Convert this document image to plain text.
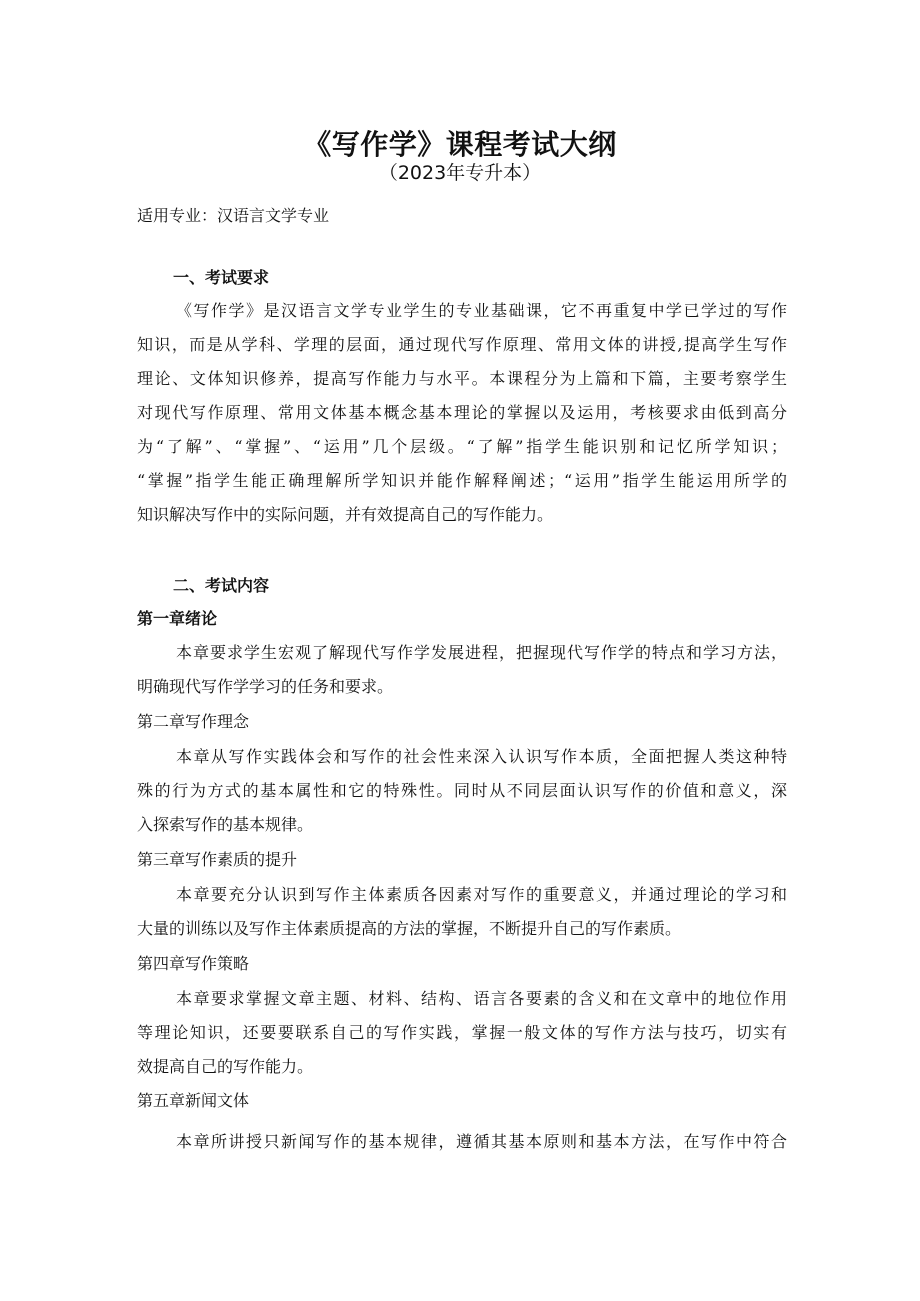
《写作学》课程考试大纲
（2023年专升本）
适用专业：汉语言文学专业
一、考试要求
《写作学》是汉语言文学专业学生的专业基础课，它不再重复中学已学过的写作
知识，而是从学科、学理的层面，通过现代写作原理、常用文体的讲授,提高学生写作
理论、文体知识修养，提高写作能力与水平。本课程分为上篇和下篇，主要考察学生
对现代写作原理、常用文体基本概念基本理论的掌握以及运用，考核要求由低到高分
为“了解”、“掌握”、“运用”几个层级。“了解”指学生能识别和记忆所学知识；
“掌握”指学生能正确理解所学知识并能作解释阐述；“运用”指学生能运用所学的
知识解决写作中的实际问题，并有效提高自己的写作能力。
二、考试内容
第一章绪论
本章要求学生宏观了解现代写作学发展进程，把握现代写作学的特点和学习方法，
明确现代写作学学习的任务和要求。
第二章写作理念
本章从写作实践体会和写作的社会性来深入认识写作本质，全面把握人类这种特
殊的行为方式的基本属性和它的特殊性。同时从不同层面认识写作的价值和意义，深
入探索写作的基本规律。
第三章写作素质的提升
本章要充分认识到写作主体素质各因素对写作的重要意义，并通过理论的学习和
大量的训练以及写作主体素质提高的方法的掌握，不断提升自己的写作素质。
第四章写作策略
本章要求掌握文章主题、材料、结构、语言各要素的含义和在文章中的地位作用
等理论知识，还要要联系自己的写作实践，掌握一般文体的写作方法与技巧，切实有
效提高自己的写作能力。
第五章新闻文体
本章所讲授只新闻写作的基本规律，遵循其基本原则和基本方法，在写作中符合
